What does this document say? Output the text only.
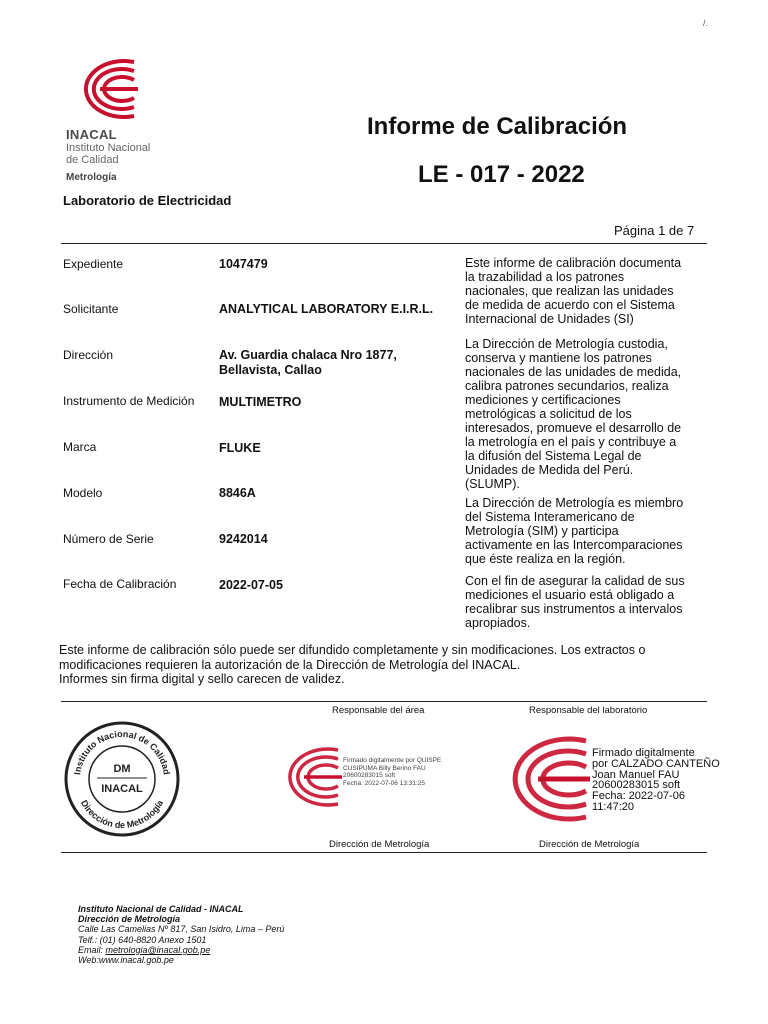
/.
INACAL
Instituto Nacional
de Calidad
Metrología
Laboratorio de Electricidad
Informe de Calibración
LE - 017 - 2022
Página 1 de 7
Expediente	1047479
Solicitante	ANALYTICAL LABORATORY E.I.R.L.
Dirección	Av. Guardia chalaca Nro 1877,
Bellavista, Callao
Instrumento de Medición MULTIMETRO
Marca	FLUKE
Modelo	8846A
Número de Serie	9242014
Fecha de Calibración	2022-07-05
Este informe de calibración documenta
la trazabilidad a los patrones
nacionales, que realizan las unidades
de medida de acuerdo con el Sistema
Internacional de Unidades (SI)
La Dirección de Metrología custodia,
conserva y mantiene los patrones
nacionales de las unidades de medida,
calibra patrones secundarios, realiza
mediciones y certificaciones
metrológicas a solicitud de los
interesados, promueve el desarrollo de
la metrología en el país y contribuye a
la difusión del Sistema Legal de
Unidades de Medida del Perú.
(SLUMP).
La Dirección de Metrología es miembro
del Sistema Interamericano de
Metrología (SIM) y participa
activamente en las Intercomparaciones
que éste realiza en la región.
Con el fin de asegurar la calidad de sus
mediciones el usuario está obligado a
recalibrar sus instrumentos a intervalos
apropiados.
Este informe de calibración sólo puede ser difundido completamente y sin modificaciones. Los extractos o
modificaciones requieren la autorización de la Dirección de Metrología del INACAL.
Informes sin firma digital y sello carecen de validez.
Responsable del área	Responsable del laboratorio
Instituto Nacional de Calidad
Dirección de Metrología
DM
INACAL
Firmado digitalmente por QUISPE
CUSIPUMA Billy Berino FAU
20600283015 soft
Fecha: 2022-07-06 13:31:25
Firmado digitalmente
por CALZADO CANTEÑO
Joan Manuel FAU
20600283015 soft
Fecha: 2022-07-06
11:47:20
Dirección de Metrología	Dirección de Metrología
Instituto Nacional de Calidad - INACAL
Dirección de Metrología
Calle Las Camelias Nº 817, San Isidro, Lima – Perú
Telf.: (01) 640-8820 Anexo 1501
Email: metrologia@inacal.gob.pe
Web:www.inacal.gob.pe
